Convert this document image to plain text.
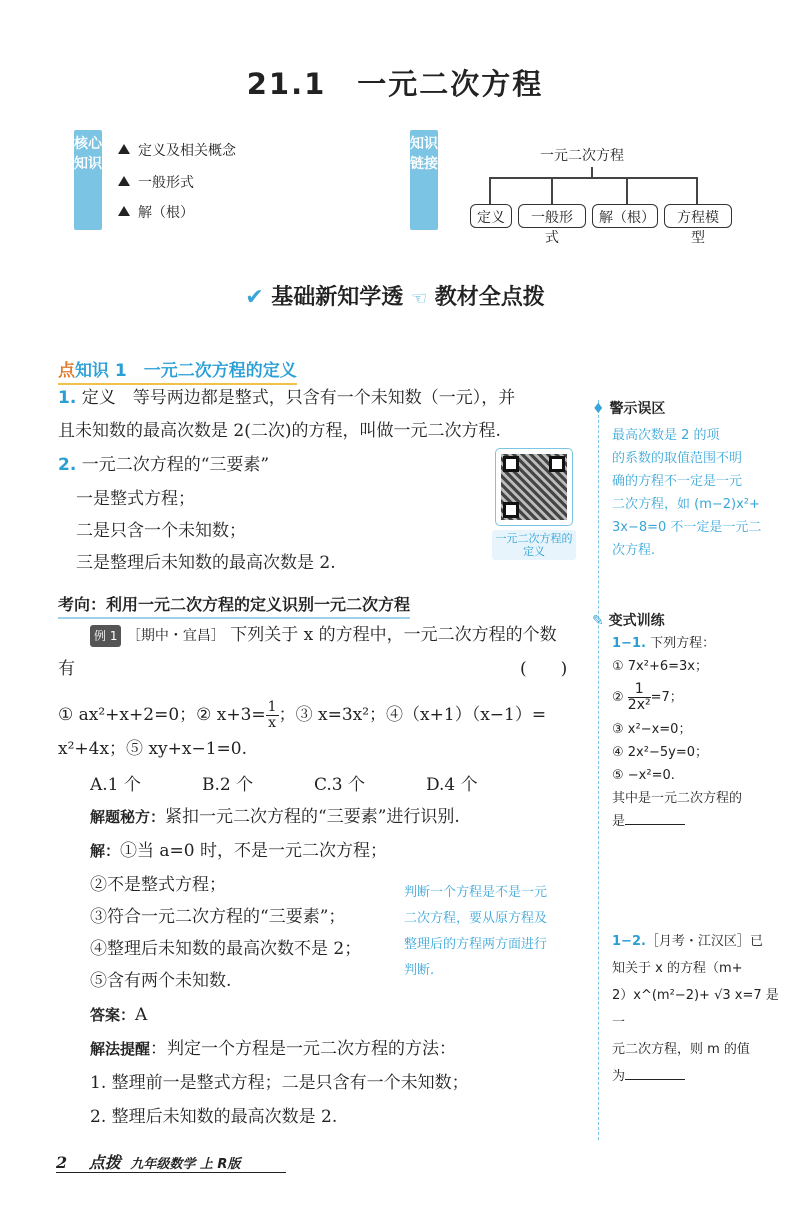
21.1　一元二次方程
核心知识
定义及相关概念
一般形式
解（根）
知识链接	一元二次方程
定义	一般形式
解（根）	方程模型
✔ 基础新知学透 ☜ 教材全点拨
点知识 1　一元二次方程的定义
1. 定义　等号两边都是整式，只含有一个未知数（一元），并
且未知数的最高次数是 2(二次)的方程，叫做一元二次方程.
2. 一元二次方程的“三要素”
一是整式方程；
二是只含一个未知数；
三是整理后未知数的最高次数是 2.
一元二次方程的定义
考向：利用一元二次方程的定义识别一元二次方程
例 1 ［期中・宜昌］ 下列关于 x 的方程中，一元二次方程的个数
有	(　　)
① ax²+x+2=0；② $x+3= \frac{1}{x}$ ；③ x=3x²；④（x+1）（x−1）=
x²+4x；⑤ xy+x−1=0.
A.1 个	B.2 个	C.3 个	D.4 个
解题秘方：紧扣一元二次方程的“三要素”进行识别.
解：①当 a=0 时，不是一元二次方程；
②不是整式方程；
③符合一元二次方程的“三要素”；
④整理后未知数的最高次数不是 2；
⑤含有两个未知数.
答案：A
解法提醒：判定一个方程是一元二次方程的方法：
1. 整理前一是整式方程；二是只含有一个未知数；
2. 整理后未知数的最高次数是 2.
判断一个方程是不是一元
二次方程，要从原方程及
整理后的方程两方面进行
判断.
♦ 警示误区
最高次数是 2 的项
的系数的取值范围不明
确的方程不一定是一元
二次方程，如 (m−2)x²+
3x−8=0 不一定是一元二
次方程.
✎ 变式训练
1−1. 下列方程：
① 7x²+6=3x；
② $\frac{1}{\text{2x²}} =7$；
③ x²−x=0；
④ 2x²−5y=0；
⑤ −x²=0.
其中是一元二次方程的
是
1−2.［月考・江汉区］已
知关于 x 的方程（m+
2）x^(m²−2)+ √3 x=7 是一
元二次方程，则 m 的值
为
2 点拨 九年级数学 上 R版
